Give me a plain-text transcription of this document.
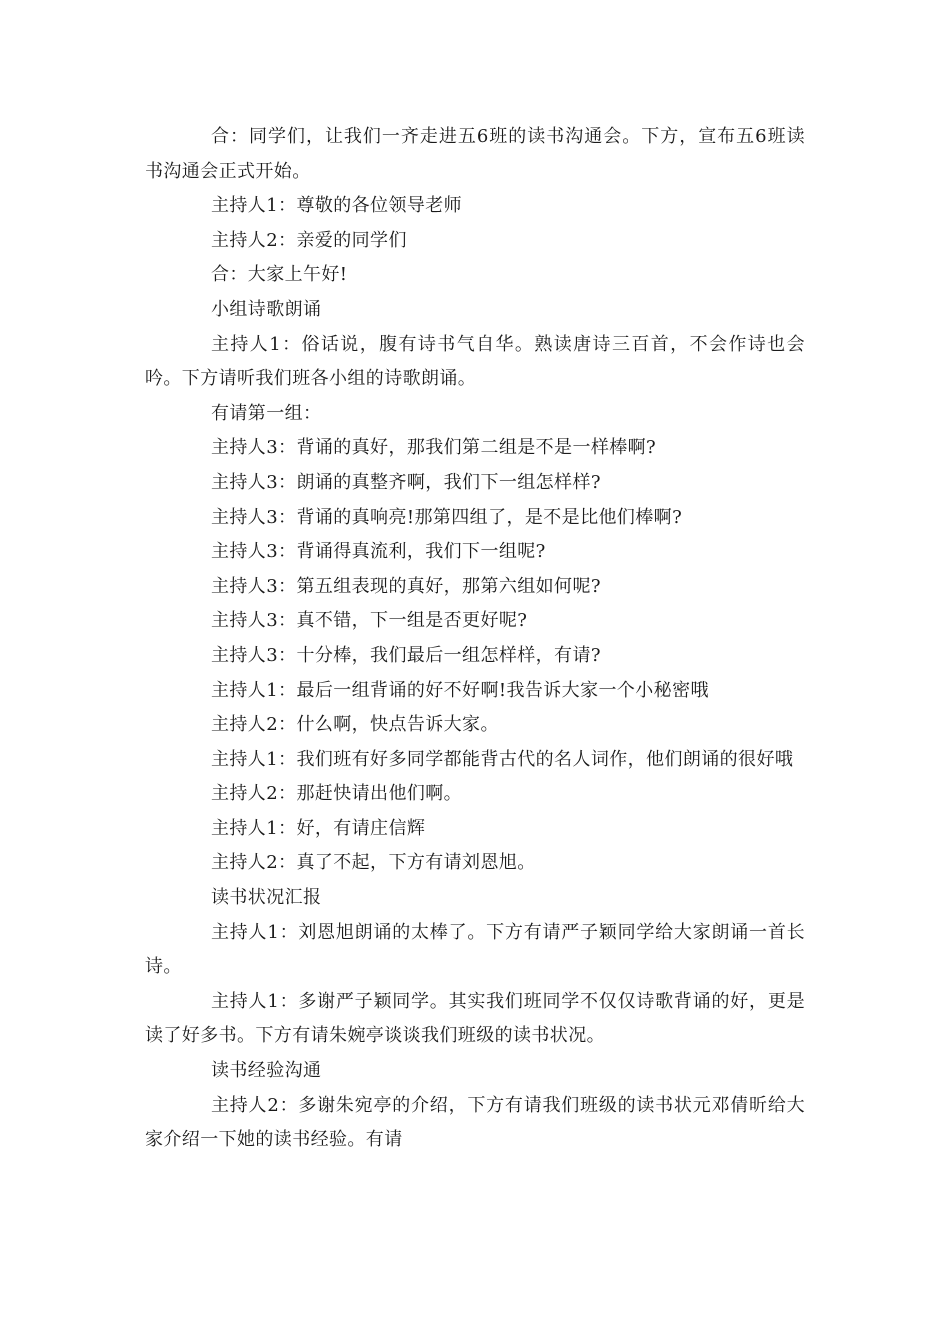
合：同学们，让我们一齐走进五6班的读书沟通会。下方，宣布五6班读书沟通会正式开始。

主持人1：尊敬的各位领导老师

主持人2：亲爱的同学们

合：大家上午好!

小组诗歌朗诵

主持人1：俗话说，腹有诗书气自华。熟读唐诗三百首，不会作诗也会吟。下方请听我们班各小组的诗歌朗诵。

有请第一组：

主持人3：背诵的真好，那我们第二组是不是一样棒啊?

主持人3：朗诵的真整齐啊，我们下一组怎样样?

主持人3：背诵的真响亮!那第四组了，是不是比他们棒啊?

主持人3：背诵得真流利，我们下一组呢?

主持人3：第五组表现的真好，那第六组如何呢?

主持人3：真不错，下一组是否更好呢?

主持人3：十分棒，我们最后一组怎样样，有请?

主持人1：最后一组背诵的好不好啊!我告诉大家一个小秘密哦

主持人2：什么啊，快点告诉大家。

主持人1：我们班有好多同学都能背古代的名人词作，他们朗诵的很好哦

主持人2：那赶快请出他们啊。

主持人1：好，有请庄信辉

主持人2：真了不起，下方有请刘恩旭。

读书状况汇报

主持人1：刘恩旭朗诵的太棒了。下方有请严子颖同学给大家朗诵一首长诗。

主持人1：多谢严子颖同学。其实我们班同学不仅仅诗歌背诵的好，更是读了好多书。下方有请朱婉亭谈谈我们班级的读书状况。

读书经验沟通

主持人2：多谢朱宛亭的介绍，下方有请我们班级的读书状元邓倩昕给大家介绍一下她的读书经验。有请
